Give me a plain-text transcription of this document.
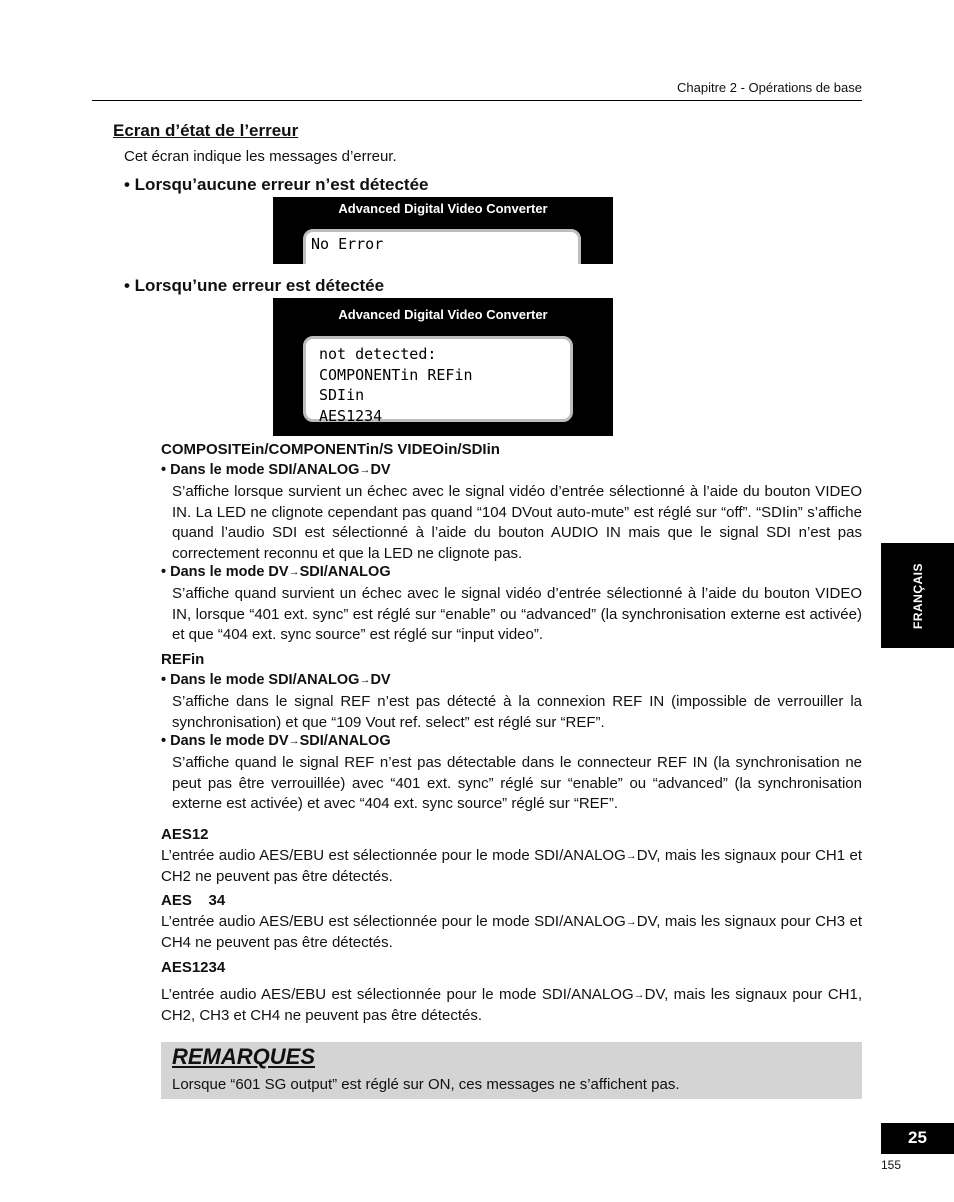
Chapitre 2 - Opérations de base
Ecran d’état de l’erreur
Cet écran indique les messages d’erreur.
• Lorsqu’aucune erreur n’est détectée
Advanced Digital Video Converter
No Error
• Lorsqu’une erreur est détectée
Advanced Digital Video Converter
not detected:
COMPONENTin REFin
SDIin
AES1234
COMPOSITEin/COMPONENTin/S VIDEOin/SDIin
• Dans le mode SDI/ANALOG→DV
S’affiche lorsque survient un échec avec le signal vidéo d’entrée sélectionné à l’aide du bouton VIDEO IN. La LED ne clignote cependant pas quand “104 DVout auto-mute” est réglé sur “off”. “SDIin” s’affiche quand l’audio SDI est sélectionné à l’aide du bouton AUDIO IN mais que le signal SDI n’est pas correctement reconnu et que la LED ne clignote pas.
• Dans le mode DV→SDI/ANALOG
S’affiche quand survient un échec avec le signal vidéo d’entrée sélectionné à l’aide du bouton VIDEO IN, lorsque “401 ext. sync” est réglé sur “enable” ou “advanced” (la synchronisation externe est activée) et que “404 ext. sync source” est réglé sur “input video”.
REFin
• Dans le mode SDI/ANALOG→DV
S’affiche dans le signal REF n’est pas détecté à la connexion REF IN (impossible de verrouiller la synchronisation) et que “109 Vout ref. select” est réglé sur “REF”.
• Dans le mode DV→SDI/ANALOG
S’affiche quand le signal REF n’est pas détectable dans le connecteur REF IN (la synchronisation ne peut pas être verrouillée) avec “401 ext. sync” réglé sur “enable” ou “advanced” (la synchronisation externe est activée) et avec “404 ext. sync source” réglé sur “REF”.
AES12
L’entrée audio AES/EBU est sélectionnée pour le mode SDI/ANALOG→DV, mais les signaux pour CH1 et CH2 ne peuvent pas être détectés.
AES    34
L’entrée audio AES/EBU est sélectionnée pour le mode SDI/ANALOG→DV, mais les signaux pour CH3 et CH4 ne peuvent pas être détectés.
AES1234
L’entrée audio AES/EBU est sélectionnée pour le mode SDI/ANALOG→DV, mais les signaux pour CH1, CH2, CH3 et CH4 ne peuvent pas être détectés.
REMARQUES
Lorsque “601 SG output” est réglé sur ON, ces messages ne s’affichent pas.
FRANÇAIS
25
155
